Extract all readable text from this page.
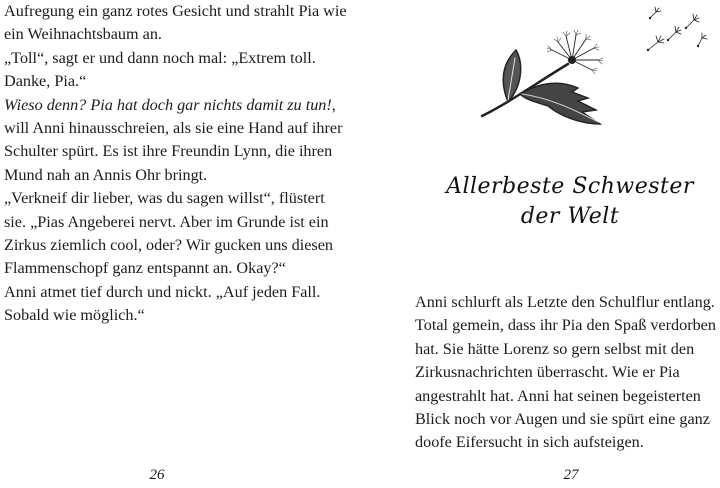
Aufregung ein ganz rotes Gesicht und strahlt Pia wie ein Weihnachtsbaum an.

„Toll“, sagt er und dann noch mal: „Extrem toll. Danke, Pia.“

Wieso denn? Pia hat doch gar nichts damit zu tun!, will Anni hinausschreien, als sie eine Hand auf ihrer Schulter spürt. Es ist ihre Freundin Lynn, die ihren Mund nah an Annis Ohr bringt.

„Verkneif dir lieber, was du sagen willst“, flüstert sie. „Pias Angeberei nervt. Aber im Grunde ist ein Zirkus ziemlich cool, oder? Wir gucken uns diesen Flammenschopf ganz entspannt an. Okay?“

Anni atmet tief durch und nickt. „Auf jeden Fall. Sobald wie möglich.“

26
Allerbeste Schwester
der Welt

Anni schlurft als Letzte den Schulflur entlang. Total gemein, dass ihr Pia den Spaß verdorben hat. Sie hätte Lorenz so gern selbst mit den Zirkusnachrichten überrascht. Wie er Pia angestrahlt hat. Anni hat seinen begeisterten Blick noch vor Augen und sie spürt eine ganz doofe Eifersucht in sich aufsteigen.

27
